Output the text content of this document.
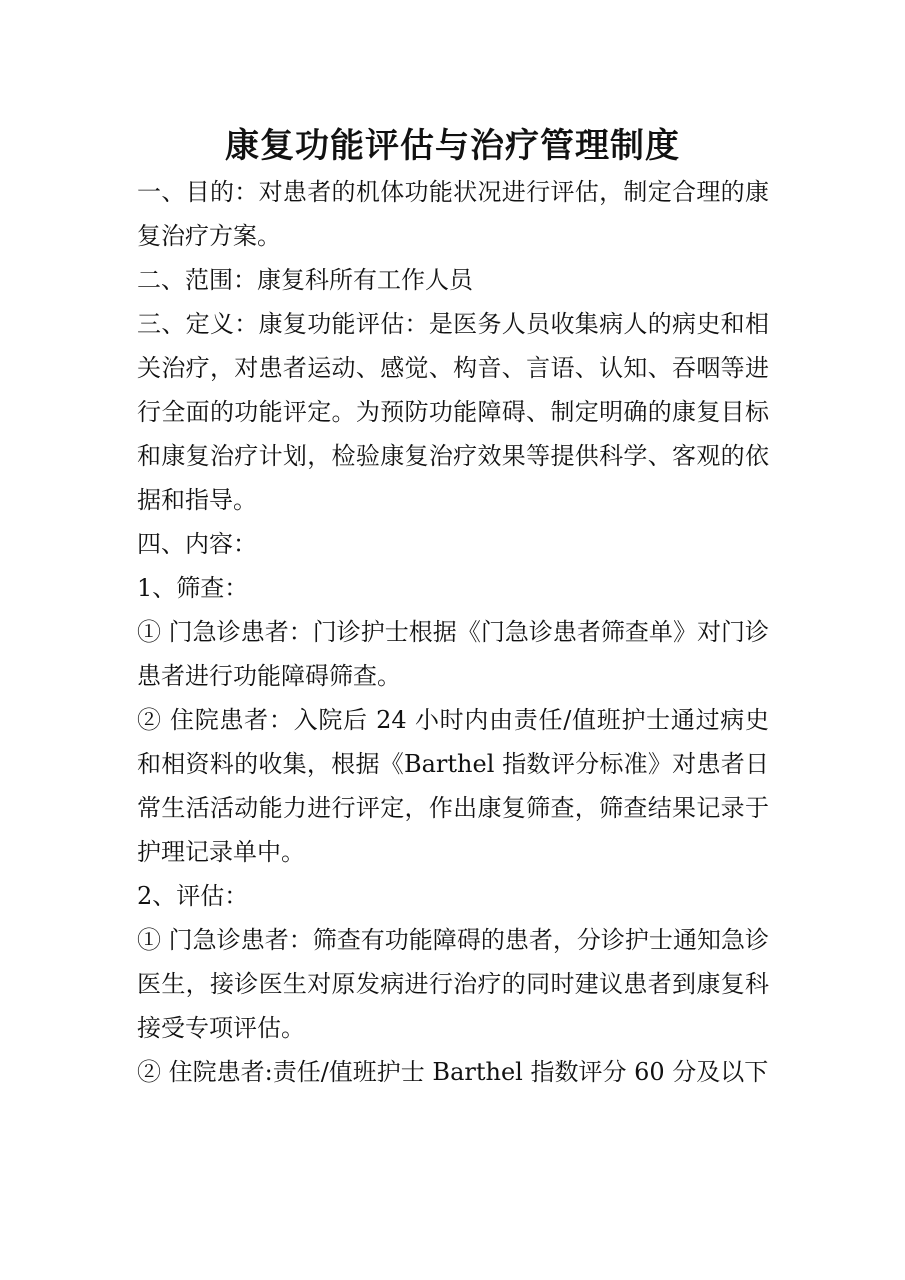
康复功能评估与治疗管理制度

一、目的：对患者的机体功能状况进行评估，制定合理的康复治疗方案。

二、范围：康复科所有工作人员

三、定义：康复功能评估：是医务人员收集病人的病史和相关治疗，对患者运动、感觉、构音、言语、认知、吞咽等进行全面的功能评定。为预防功能障碍、制定明确的康复目标和康复治疗计划，检验康复治疗效果等提供科学、客观的依据和指导。

四、内容：

1、筛查：

① 门急诊患者：门诊护士根据《门急诊患者筛查单》对门诊患者进行功能障碍筛查。

② 住院患者：入院后 24 小时内由责任/值班护士通过病史和相资料的收集，根据《Barthel 指数评分标准》对患者日常生活活动能力进行评定，作出康复筛查，筛查结果记录于护理记录单中。

2、评估：

① 门急诊患者：筛查有功能障碍的患者，分诊护士通知急诊医生，接诊医生对原发病进行治疗的同时建议患者到康复科接受专项评估。

② 住院患者:责任/值班护士 Barthel 指数评分 60 分及以下
